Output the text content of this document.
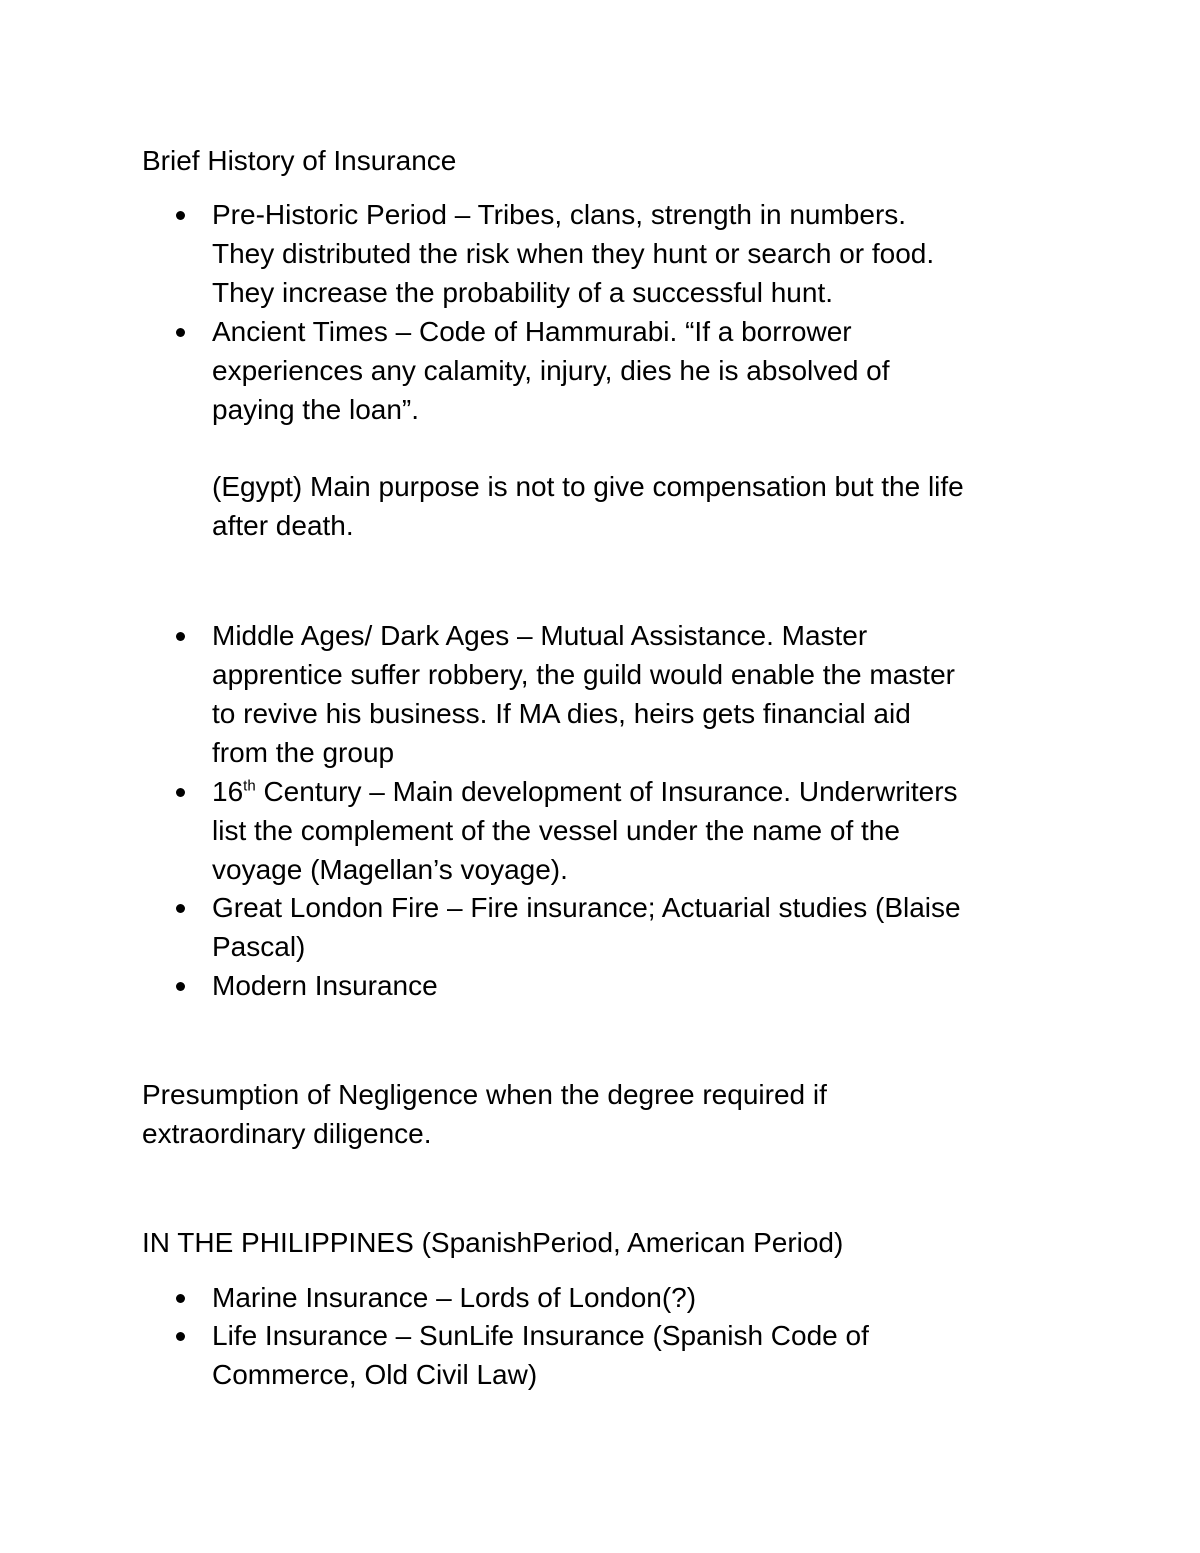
Brief History of Insurance
Pre-Historic Period – Tribes, clans, strength in numbers.
They distributed the risk when they hunt or search or food.
They increase the probability of a successful hunt.
Ancient Times – Code of Hammurabi. “If a borrower
experiences any calamity, injury, dies he is absolved of
paying the loan”.
(Egypt) Main purpose is not to give compensation but the life
after death.
Middle Ages/ Dark Ages – Mutual Assistance. Master
apprentice suffer robbery, the guild would enable the master
to revive his business. If MA dies, heirs gets financial aid
from the group
16th Century – Main development of Insurance. Underwriters
list the complement of the vessel under the name of the
voyage (Magellan’s voyage).
Great London Fire – Fire insurance; Actuarial studies (Blaise
Pascal)
Modern Insurance
Presumption of Negligence when the degree required if
extraordinary diligence.
IN THE PHILIPPINES (SpanishPeriod, American Period)
Marine Insurance – Lords of London(?)
Life Insurance – SunLife Insurance (Spanish Code of
Commerce, Old Civil Law)
